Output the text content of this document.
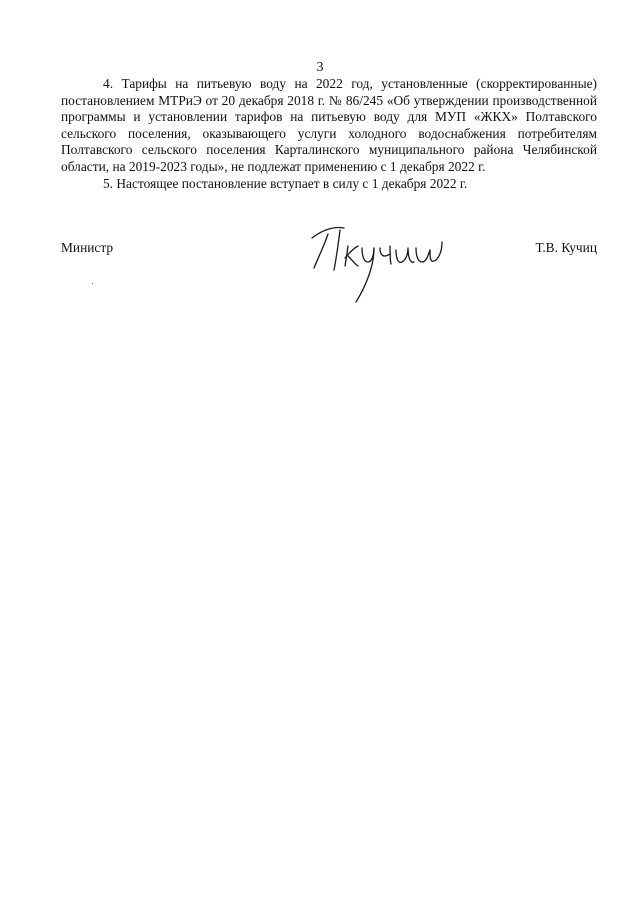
3

4. Тарифы на питьевую воду на 2022 год, установленные (скорректированные) постановлением МТРиЭ от 20 декабря 2018 г. № 86/245 «Об утверждении производственной программы и установлении тарифов на питьевую воду для МУП «ЖКХ» Полтавского сельского поселения, оказывающего услуги холодного водоснабжения потребителям Полтавского сельского поселения Карталинского муниципального района Челябинской области, на 2019-2023 годы», не подлежат применению с 1 декабря 2022 г.

5. Настоящее постановление вступает в силу с 1 декабря 2022 г.

Министр	Т.В. Кучиц
